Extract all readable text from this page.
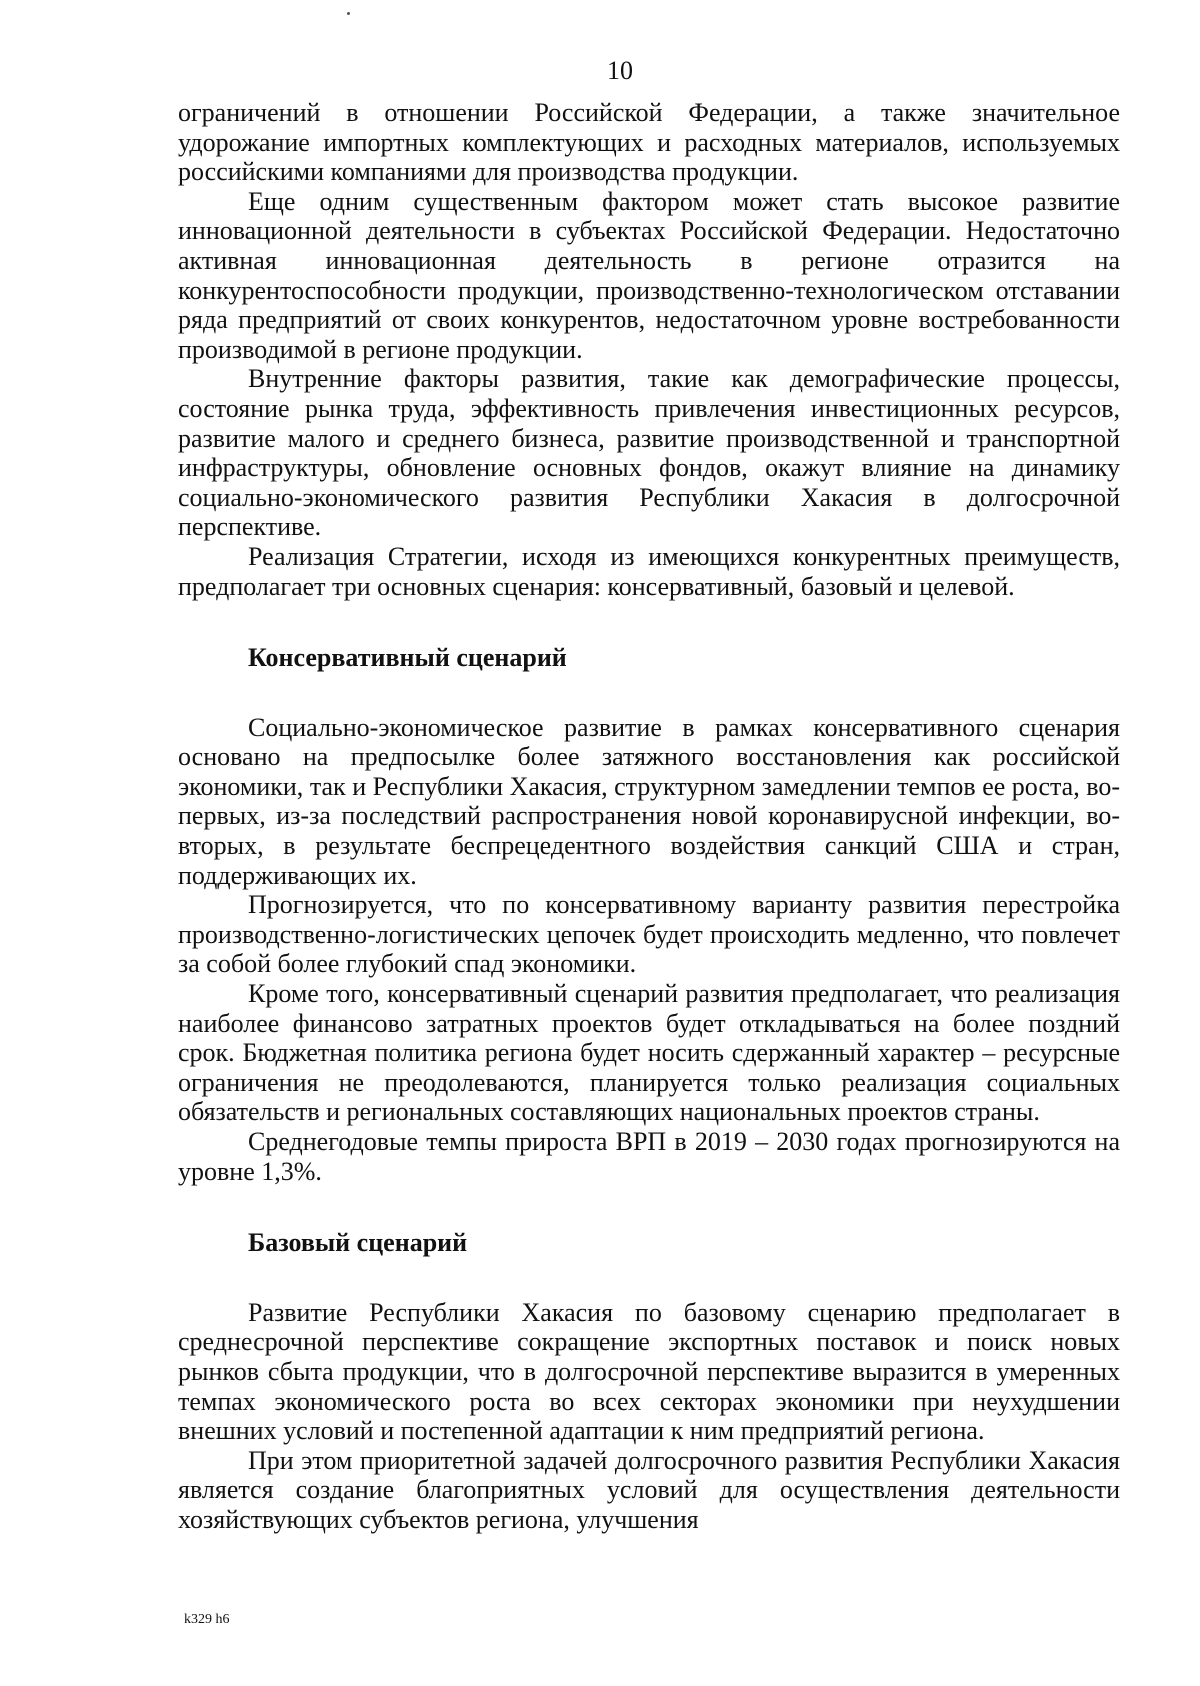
10

ограничений в отношении Российской Федерации, а также значительное удорожание импортных комплектующих и расходных материалов, используемых российскими компаниями для производства продукции.

Еще одним существенным фактором может стать высокое развитие инновационной деятельности в субъектах Российской Федерации. Недостаточно активная инновационная деятельность в регионе отразится на конкурентоспособности продукции, производственно-технологическом отставании ряда предприятий от своих конкурентов, недостаточном уровне востребованности производимой в регионе продукции.

Внутренние факторы развития, такие как демографические процессы, состояние рынка труда, эффективность привлечения инвестиционных ресурсов, развитие малого и среднего бизнеса, развитие производственной и транспортной инфраструктуры, обновление основных фондов, окажут влияние на динамику социально-экономического развития Республики Хакасия в долгосрочной перспективе.

Реализация Стратегии, исходя из имеющихся конкурентных преимуществ, предполагает три основных сценария: консервативный, базовый и целевой.

Консервативный сценарий

Социально-экономическое развитие в рамках консервативного сценария основано на предпосылке более затяжного восстановления как российской экономики, так и Республики Хакасия, структурном замедлении темпов ее роста, во-первых, из-за последствий распространения новой коронавирусной инфекции, во-вторых, в результате беспрецедентного воздействия санкций США и стран, поддерживающих их.

Прогнозируется, что по консервативному варианту развития перестройка производственно-логистических цепочек будет происходить медленно, что повлечет за собой более глубокий спад экономики.

Кроме того, консервативный сценарий развития предполагает, что реализация наиболее финансово затратных проектов будет откладываться на более поздний срок. Бюджетная политика региона будет носить сдержанный характер – ресурсные ограничения не преодолеваются, планируется только реализация социальных обязательств и региональных составляющих национальных проектов страны.

Среднегодовые темпы прироста ВРП в 2019 – 2030 годах прогнозируются на уровне 1,3%.

Базовый сценарий

Развитие Республики Хакасия по базовому сценарию предполагает в среднесрочной перспективе сокращение экспортных поставок и поиск новых рынков сбыта продукции, что в долгосрочной перспективе выразится в умеренных темпах экономического роста во всех секторах экономики при неухудшении внешних условий и постепенной адаптации к ним предприятий региона.

При этом приоритетной задачей долгосрочного развития Республики Хакасия является создание благоприятных условий для осуществления деятельности хозяйствующих субъектов региона, улучшения

k329 h6
